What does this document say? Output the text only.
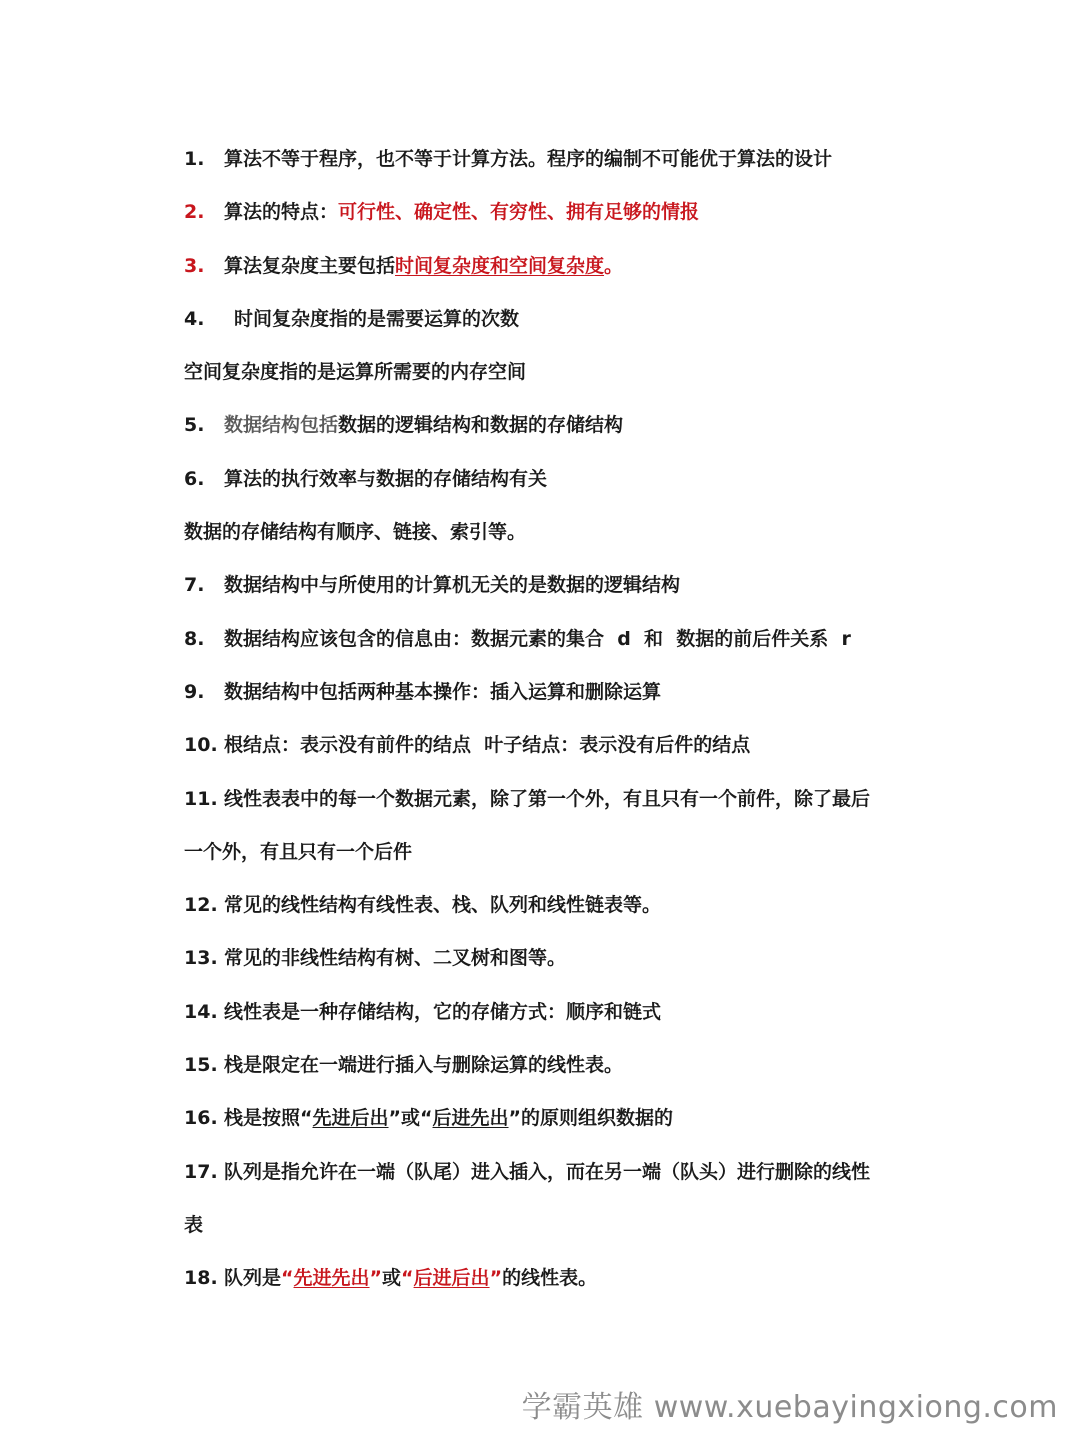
1. 算法不等于程序，也不等于计算方法。程序的编制不可能优于算法的设计
2. 算法的特点：可行性、确定性、有穷性、拥有足够的情报
3. 算法复杂度主要包括时间复杂度和空间复杂度。
4. 时间复杂度指的是需要运算的次数
空间复杂度指的是运算所需要的内存空间
5. 数据结构包括数据的逻辑结构和数据的存储结构
6. 算法的执行效率与数据的存储结构有关
数据的存储结构有顺序、链接、索引等。
7. 数据结构中与所使用的计算机无关的是数据的逻辑结构
8. 数据结构应该包含的信息由：数据元素的集合  d  和  数据的前后件关系  r
9. 数据结构中包括两种基本操作：插入运算和删除运算
10. 根结点：表示没有前件的结点  叶子结点：表示没有后件的结点
11. 线性表表中的每一个数据元素，除了第一个外，有且只有一个前件，除了最后
一个外，有且只有一个后件
12. 常见的线性结构有线性表、栈、队列和线性链表等。
13. 常见的非线性结构有树、二叉树和图等。
14. 线性表是一种存储结构，它的存储方式：顺序和链式
15. 栈是限定在一端进行插入与删除运算的线性表。
16. 栈是按照“先进后出”或“后进先出”的原则组织数据的
17. 队列是指允许在一端（队尾）进入插入，而在另一端（队头）进行删除的线性
表
18. 队列是“先进先出”或“后进后出”的线性表。
学霸英雄 www.xuebayingxiong.com
